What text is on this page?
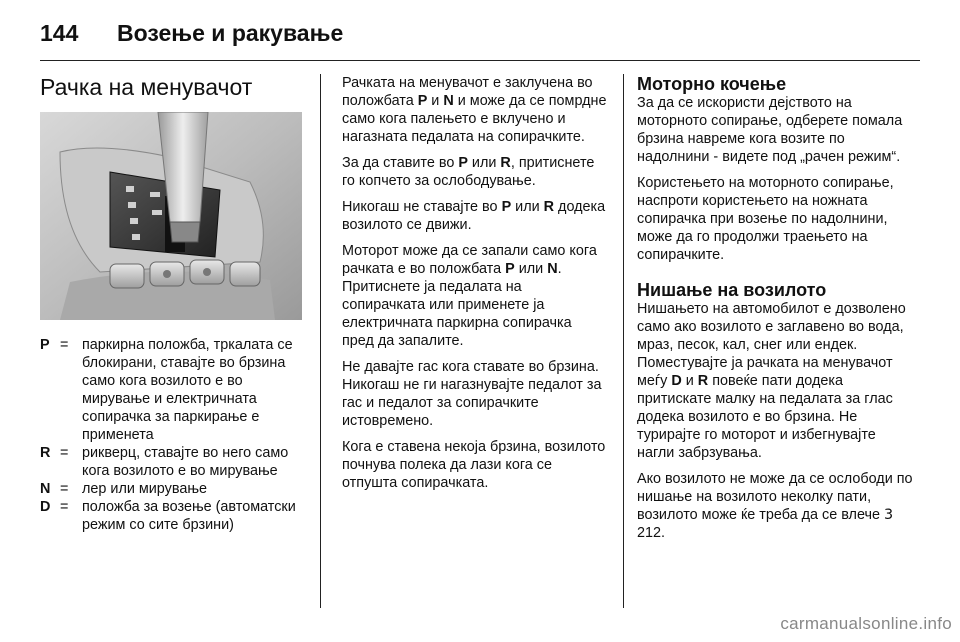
144 Возење и ракување
Рачка на менувачот
P = паркирна положба, тркалата се блокирани, ставајте во брзина само кога возилото е во мирување и електричната сопирачка за паркирање е применета
R = рикверц, ставајте во него само кога возилото е во мирување
N = лер или мирување
D = положба за возење (автоматски режим со сите брзини)

Рачката на менувачот е заклучена во положбата P и N и може да се помрдне само кога палењето е вклучено и нагазната педалата на сопирачките.

За да ставите во P или R, притиснете го копчето за ослободување.

Никогаш не ставајте во P или R додека возилото се движи.

Моторот може да се запали само кога рачката е во положбата P или N. Притиснете ја педалата на сопирачката или применете ја електричната паркирна сопирачка пред да запалите.

Не давајте гас кога ставате во брзина. Никогаш не ги нагазнувајте педалот за гас и педалот за сопирачките истовремено.

Кога е ставена некоја брзина, возилото почнува полека да лази кога се отпушта сопирачката.

Моторно кочење

За да се искористи дејството на моторното сопирање, одберете помала брзина навреме кога возите по надолнини - видете под „рачен режим“.

Користењето на моторното сопирање, наспроти користењето на ножната сопирачка при возење по надолнини, може да го продолжи траењето на сопирачките.

Нишање на возилото

Нишањето на автомобилот е дозволено само ако возилото е заглавено во вода, мраз, песок, кал, снег или ендек. Поместувајте ја рачката на менувачот меѓу D и R повеќе пати додека притискате малку на педалата за глас додека возилото е во брзина. Не турирајте го моторот и избегнувајте нагли забрзувања.

Ако возилото не може да се ослободи по нишање на возилото неколку пати, возилото може ќе треба да се влече 3 212.

carmanualsonline.info
